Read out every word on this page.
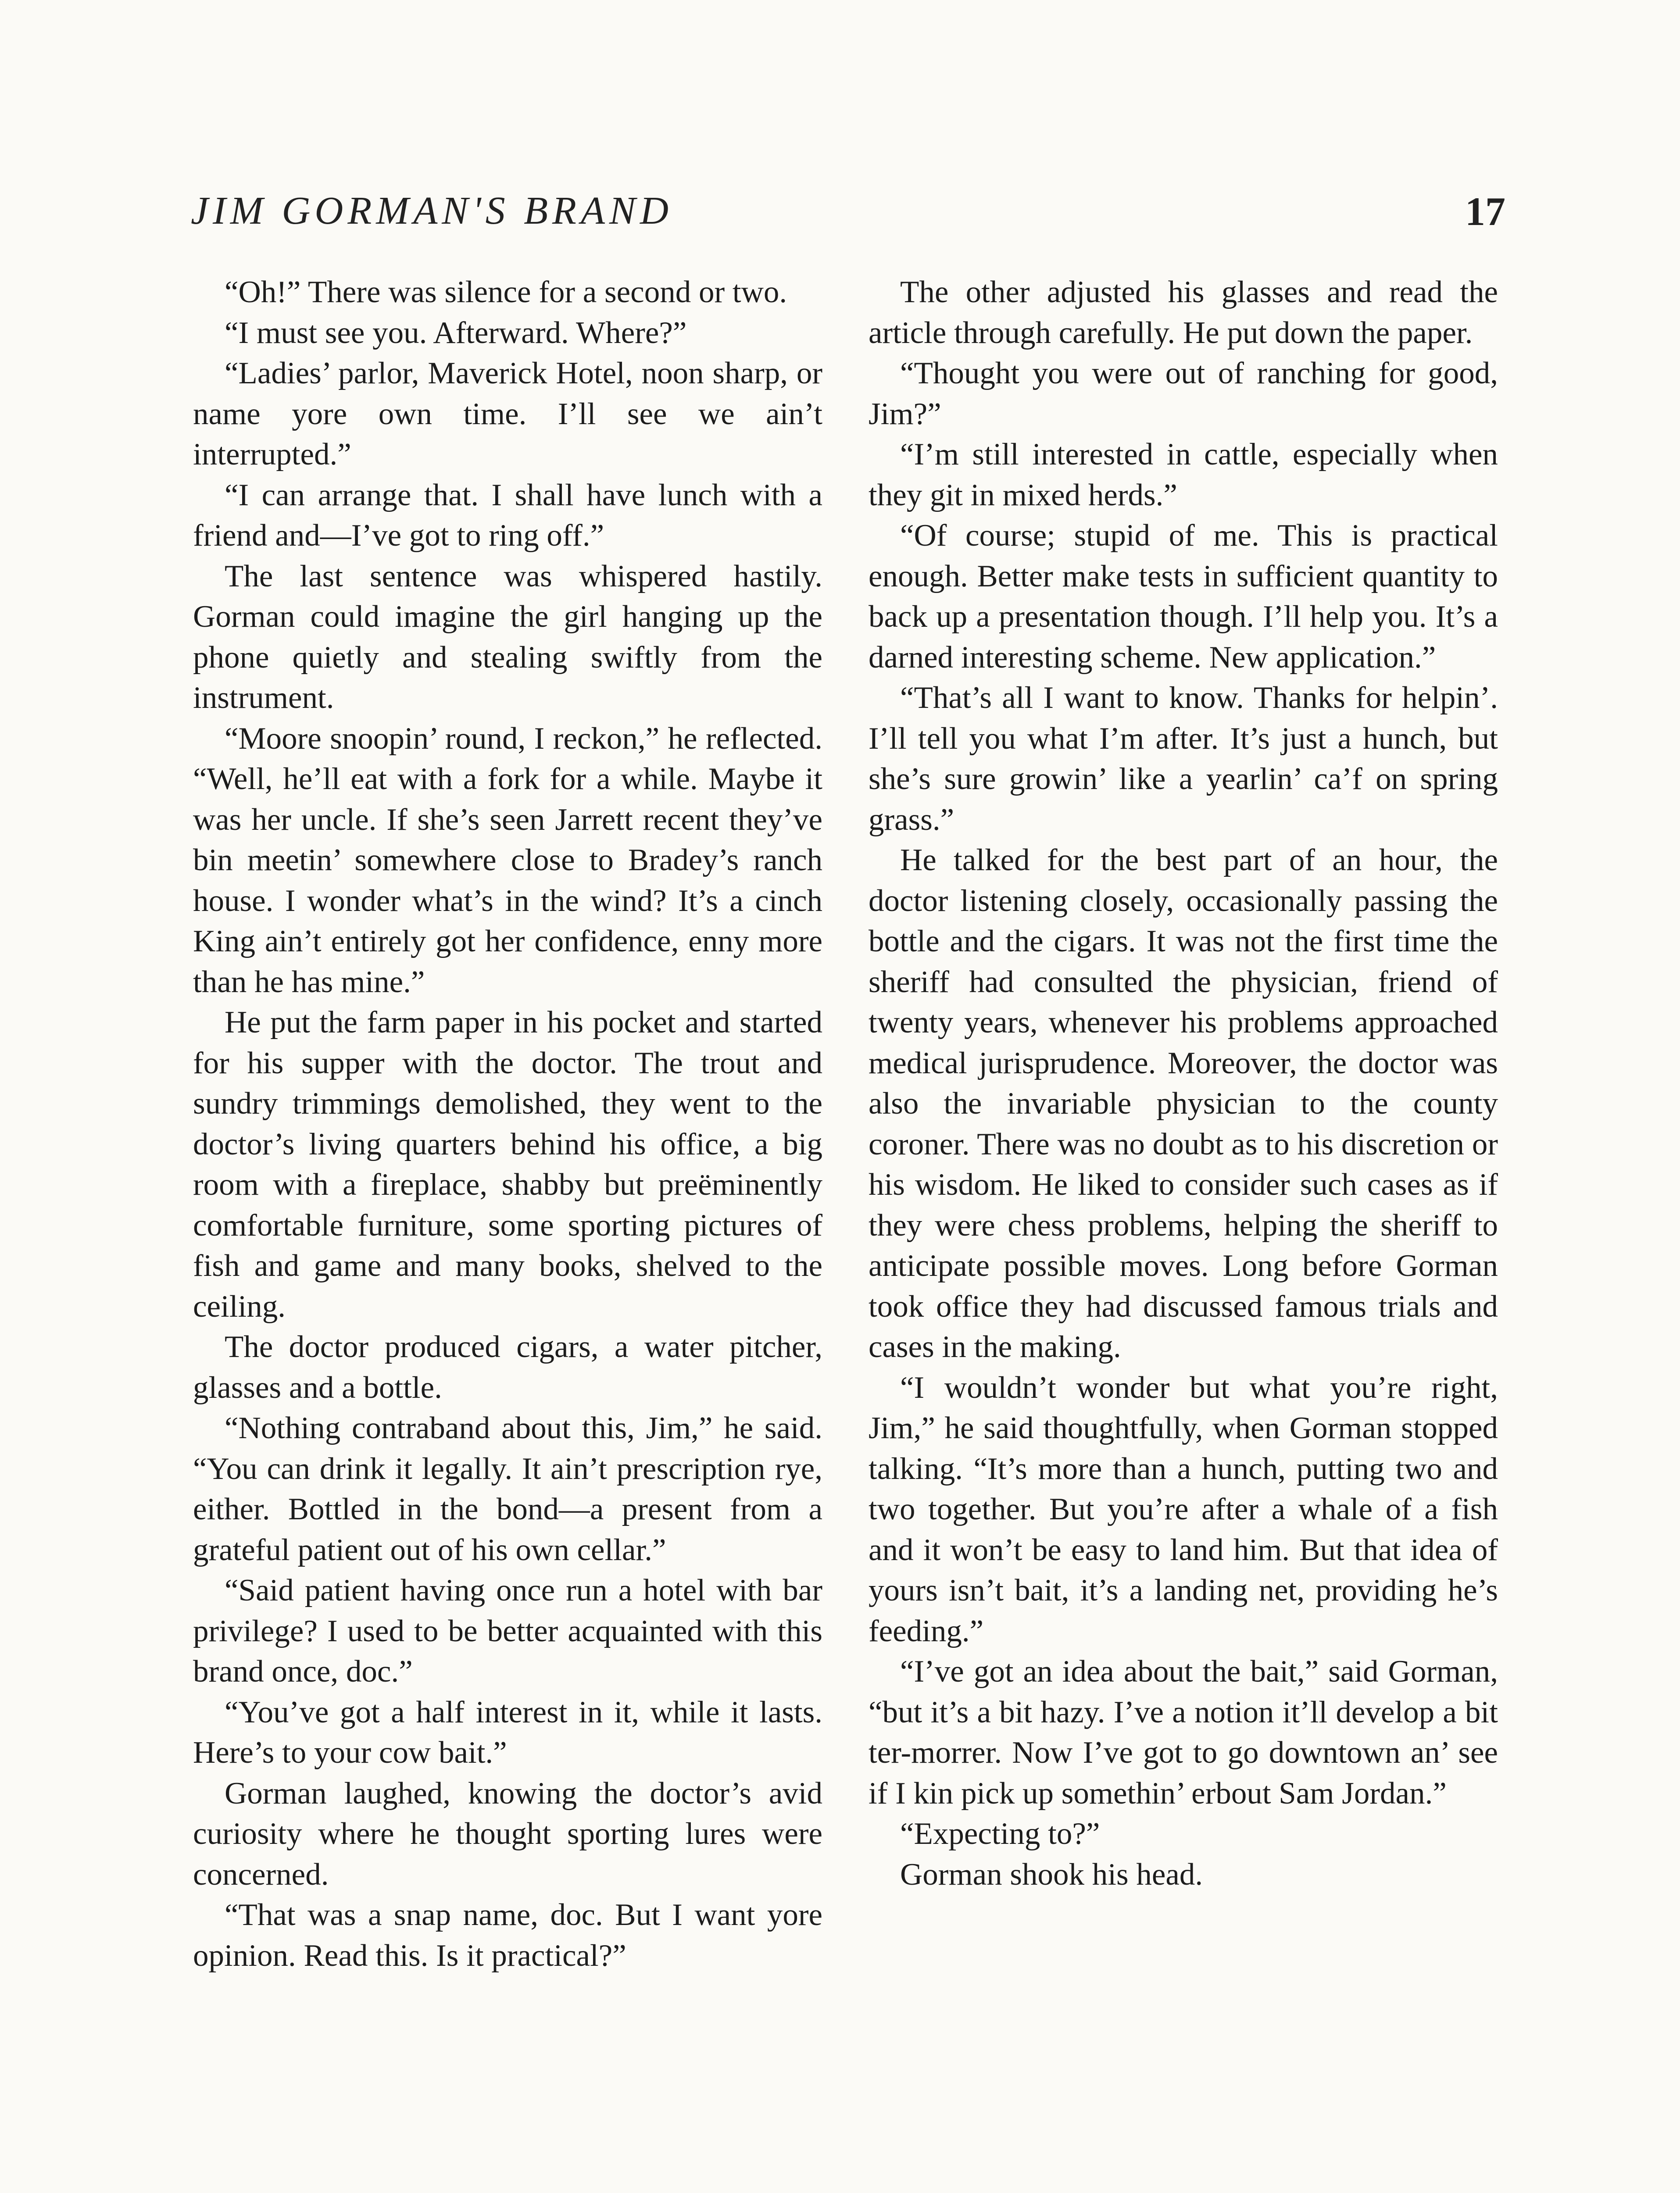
JIM GORMAN'S BRAND	17

“Oh!” There was silence for a second or two.

“I must see you. Afterward. Where?”

“Ladies’ parlor, Maverick Hotel, noon sharp, or name yore own time. I’ll see we ain’t interrupted.”

“I can arrange that. I shall have lunch with a friend and—I’ve got to ring off.”

The last sentence was whispered hastily. Gorman could imagine the girl hanging up the phone quietly and stealing swiftly from the instrument.

“Moore snoopin’ round, I reckon,” he reflected. “Well, he’ll eat with a fork for a while. Maybe it was her uncle. If she’s seen Jarrett recent they’ve bin meetin’ somewhere close to Bradey’s ranch house. I wonder what’s in the wind? It’s a cinch King ain’t entirely got her confidence, enny more than he has mine.”

He put the farm paper in his pocket and started for his supper with the doctor. The trout and sundry trimmings demolished, they went to the doctor’s living quarters behind his office, a big room with a fireplace, shabby but preëminently comfortable furniture, some sporting pictures of fish and game and many books, shelved to the ceiling.

The doctor produced cigars, a water pitcher, glasses and a bottle.

“Nothing contraband about this, Jim,” he said. “You can drink it legally. It ain’t prescription rye, either. Bottled in the bond—a present from a grateful patient out of his own cellar.”

“Said patient having once run a hotel with bar privilege? I used to be better acquainted with this brand once, doc.”

“You’ve got a half interest in it, while it lasts. Here’s to your cow bait.”

Gorman laughed, knowing the doctor’s avid curiosity where he thought sporting lures were concerned.

“That was a snap name, doc. But I want yore opinion. Read this. Is it practical?”

The other adjusted his glasses and read the article through carefully. He put down the paper.

“Thought you were out of ranching for good, Jim?”

“I’m still interested in cattle, especially when they git in mixed herds.”

“Of course; stupid of me. This is practical enough. Better make tests in sufficient quantity to back up a presentation though. I’ll help you. It’s a darned interesting scheme. New application.”

“That’s all I want to know. Thanks for helpin’. I’ll tell you what I’m after. It’s just a hunch, but she’s sure growin’ like a yearlin’ ca’f on spring grass.”

He talked for the best part of an hour, the doctor listening closely, occasionally passing the bottle and the cigars. It was not the first time the sheriff had consulted the physician, friend of twenty years, whenever his problems approached medical jurisprudence. Moreover, the doctor was also the invariable physician to the county coroner. There was no doubt as to his discretion or his wisdom. He liked to consider such cases as if they were chess problems, helping the sheriff to anticipate possible moves. Long before Gorman took office they had discussed famous trials and cases in the making.

“I wouldn’t wonder but what you’re right, Jim,” he said thoughtfully, when Gorman stopped talking. “It’s more than a hunch, putting two and two together. But you’re after a whale of a fish and it won’t be easy to land him. But that idea of yours isn’t bait, it’s a landing net, providing he’s feeding.”

“I’ve got an idea about the bait,” said Gorman, “but it’s a bit hazy. I’ve a notion it’ll develop a bit ter-morrer. Now I’ve got to go downtown an’ see if I kin pick up somethin’ erbout Sam Jordan.”

“Expecting to?”

Gorman shook his head.
